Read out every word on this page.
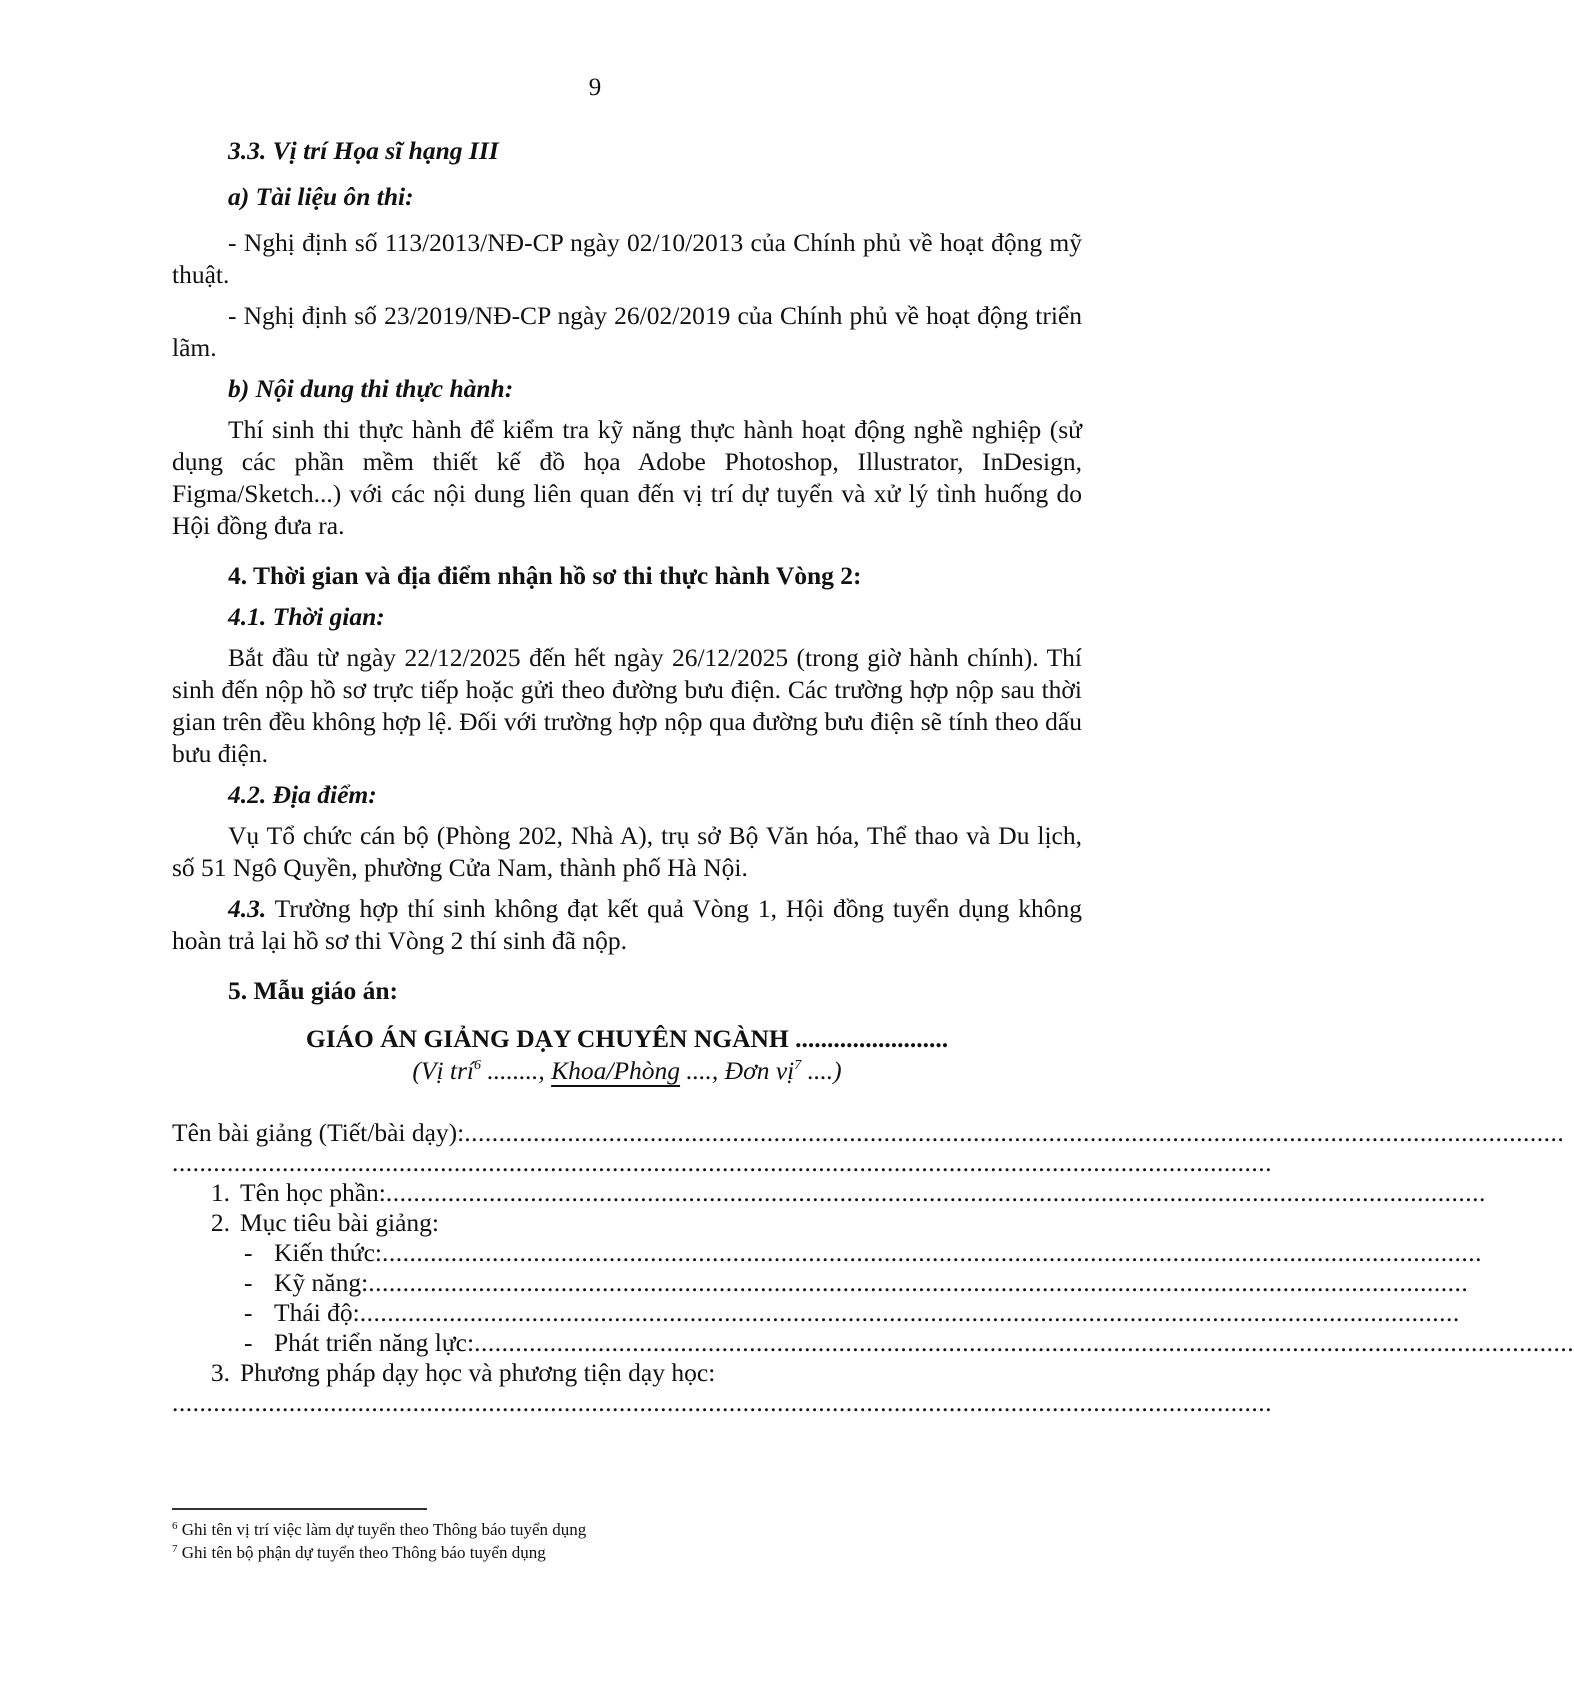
9

3.3. Vị trí Họa sĩ hạng III

a) Tài liệu ôn thi:

- Nghị định số 113/2013/NĐ-CP ngày 02/10/2013 của Chính phủ về hoạt động mỹ thuật.

- Nghị định số 23/2019/NĐ-CP ngày 26/02/2019 của Chính phủ về hoạt động triển lãm.

b) Nội dung thi thực hành:

Thí sinh thi thực hành để kiểm tra kỹ năng thực hành hoạt động nghề nghiệp (sử dụng các phần mềm thiết kế đồ họa Adobe Photoshop, Illustrator, InDesign, Figma/Sketch...) với các nội dung liên quan đến vị trí dự tuyển và xử lý tình huống do Hội đồng đưa ra.

4. Thời gian và địa điểm nhận hồ sơ thi thực hành Vòng 2:

4.1. Thời gian:

Bắt đầu từ ngày 22/12/2025 đến hết ngày 26/12/2025 (trong giờ hành chính). Thí sinh đến nộp hồ sơ trực tiếp hoặc gửi theo đường bưu điện. Các trường hợp nộp sau thời gian trên đều không hợp lệ. Đối với trường hợp nộp qua đường bưu điện sẽ tính theo dấu bưu điện.

4.2. Địa điểm:

Vụ Tổ chức cán bộ (Phòng 202, Nhà A), trụ sở Bộ Văn hóa, Thể thao và Du lịch, số 51 Ngô Quyền, phường Cửa Nam, thành phố Hà Nội.

4.3. Trường hợp thí sinh không đạt kết quả Vòng 1, Hội đồng tuyển dụng không hoàn trả lại hồ sơ thi Vòng 2 thí sinh đã nộp.

5. Mẫu giáo án:

GIÁO ÁN GIẢNG DẠY CHUYÊN NGÀNH ........................

(Vị trí$^6$ ........, Khoa/Phòng ...., Đơn vị$^7$ ....)

Tên bài giảng (Tiết/bài dạy): ................................................................................................................................................................
................................................................................................................................................................
1. Tên học phần: ................................................................................................................................................................
2. Mục tiêu bài giảng:
- Kiến thức: ................................................................................................................................................................
- Kỹ năng: ................................................................................................................................................................
- Thái độ: ................................................................................................................................................................
- Phát triển năng lực: ................................................................................................................................................................
3. Phương pháp dạy học và phương tiện dạy học:
................................................................................................................................................................
$^6$ Ghi tên vị trí việc làm dự tuyển theo Thông báo tuyển dụng
$^7$ Ghi tên bộ phận dự tuyển theo Thông báo tuyển dụng
